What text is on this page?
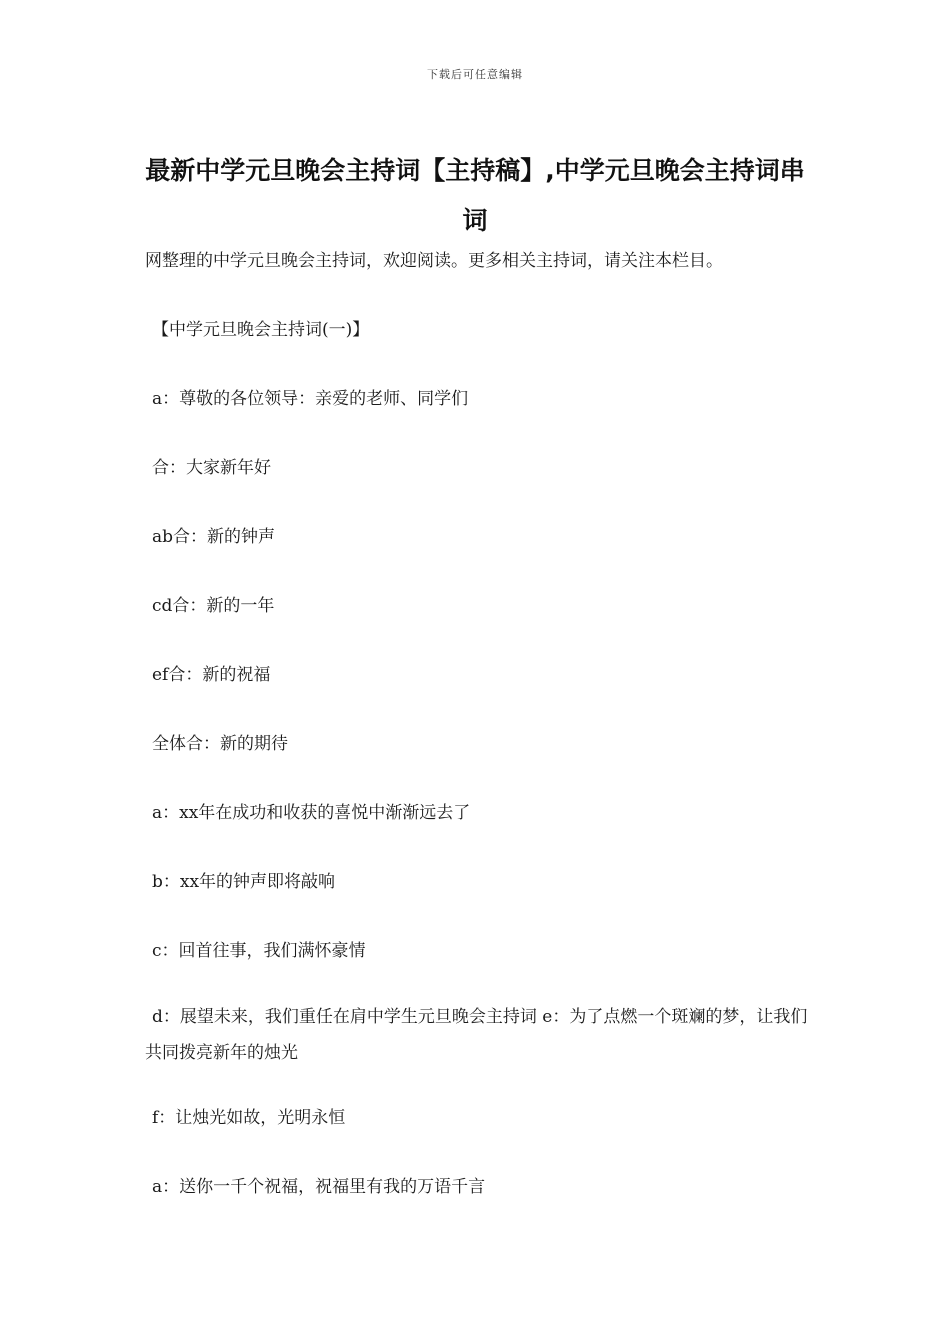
下载后可任意编辑
最新中学元旦晚会主持词【主持稿】,中学元旦晚会主持词串词

网整理的中学元旦晚会主持词，欢迎阅读。更多相关主持词，请关注本栏目。

【中学元旦晚会主持词(一)】

a：尊敬的各位领导：亲爱的老师、同学们

合：大家新年好

ab合：新的钟声

cd合：新的一年

ef合：新的祝福

全体合：新的期待

a：xx年在成功和收获的喜悦中渐渐远去了

b：xx年的钟声即将敲响

c：回首往事，我们满怀豪情

d：展望未来，我们重任在肩中学生元旦晚会主持词 e：为了点燃一个斑斓的梦，让我们共同拨亮新年的烛光

f：让烛光如故，光明永恒

a：送你一千个祝福，祝福里有我的万语千言
